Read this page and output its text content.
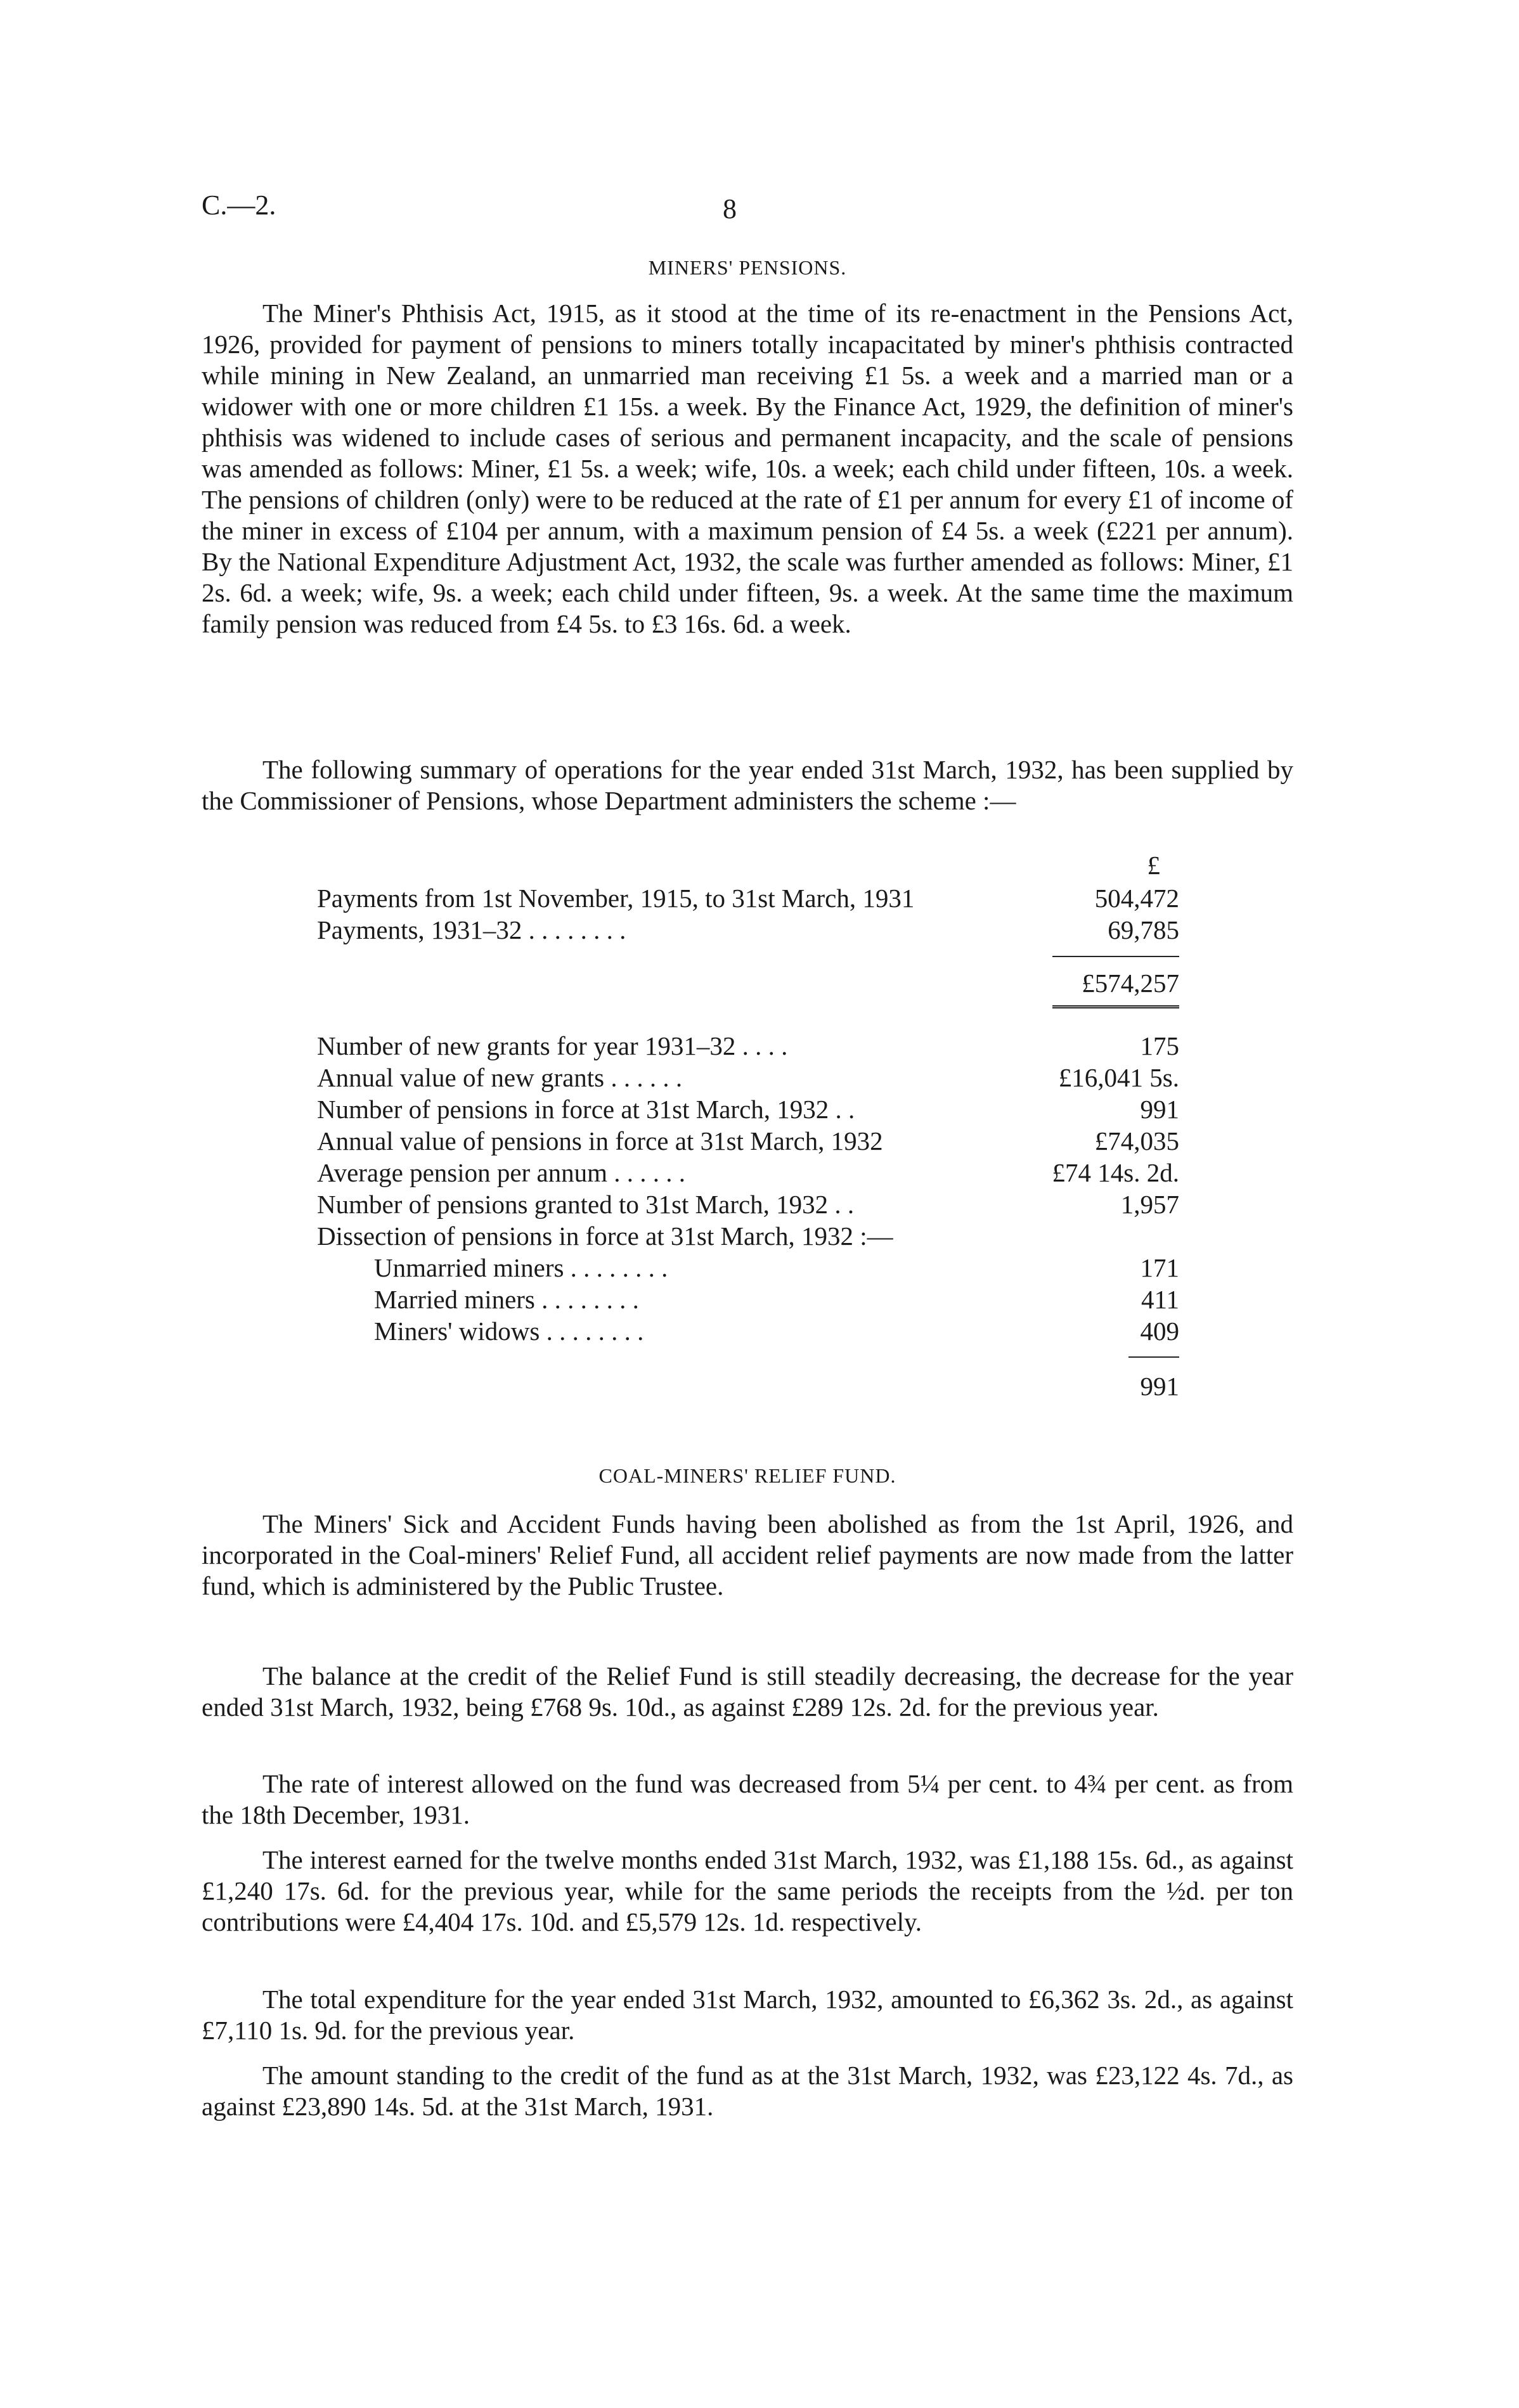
C.—2.	8
MINERS' PENSIONS.

The Miner's Phthisis Act, 1915, as it stood at the time of its re-enactment in the Pensions Act, 1926, provided for payment of pensions to miners totally incapacitated by miner's phthisis contracted while mining in New Zealand, an unmarried man receiving £1 5s. a week and a married man or a widower with one or more children £1 15s. a week. By the Finance Act, 1929, the definition of miner's phthisis was widened to include cases of serious and permanent incapacity, and the scale of pensions was amended as follows: Miner, £1 5s. a week; wife, 10s. a week; each child under fifteen, 10s. a week. The pensions of children (only) were to be reduced at the rate of £1 per annum for every £1 of income of the miner in excess of £104 per annum, with a maximum pension of £4 5s. a week (£221 per annum). By the National Expenditure Adjustment Act, 1932, the scale was further amended as follows: Miner, £1 2s. 6d. a week; wife, 9s. a week; each child under fifteen, 9s. a week. At the same time the maximum family pension was reduced from £4 5s. to £3 16s. 6d. a week.

The following summary of operations for the year ended 31st March, 1932, has been supplied by the Commissioner of Pensions, whose Department administers the scheme :—

£
Payments from 1st November, 1915, to 31st March, 1931	504,472
Payments, 1931–32 . . . . . . . .	69,785
£574,257
Number of new grants for year 1931–32 . . . .	175
Annual value of new grants . . . . . .	£16,041 5s.
Number of pensions in force at 31st March, 1932 . .	991
Annual value of pensions in force at 31st March, 1932	£74,035
Average pension per annum . . . . . .	£74 14s. 2d.
Number of pensions granted to 31st March, 1932 . .	1,957
Dissection of pensions in force at 31st March, 1932 :—
Unmarried miners . . . . . . . .	171
Married miners . . . . . . . .	411
Miners' widows . . . . . . . .	409
991
COAL-MINERS' RELIEF FUND.

The Miners' Sick and Accident Funds having been abolished as from the 1st April, 1926, and incorporated in the Coal-miners' Relief Fund, all accident relief payments are now made from the latter fund, which is administered by the Public Trustee.

The balance at the credit of the Relief Fund is still steadily decreasing, the decrease for the year ended 31st March, 1932, being £768 9s. 10d., as against £289 12s. 2d. for the previous year.

The rate of interest allowed on the fund was decreased from 5¼ per cent. to 4¾ per cent. as from the 18th December, 1931.

The interest earned for the twelve months ended 31st March, 1932, was £1,188 15s. 6d., as against £1,240 17s. 6d. for the previous year, while for the same periods the receipts from the ½d. per ton contributions were £4,404 17s. 10d. and £5,579 12s. 1d. respectively.

The total expenditure for the year ended 31st March, 1932, amounted to £6,362 3s. 2d., as against £7,110 1s. 9d. for the previous year.

The amount standing to the credit of the fund as at the 31st March, 1932, was £23,122 4s. 7d., as against £23,890 14s. 5d. at the 31st March, 1931.
